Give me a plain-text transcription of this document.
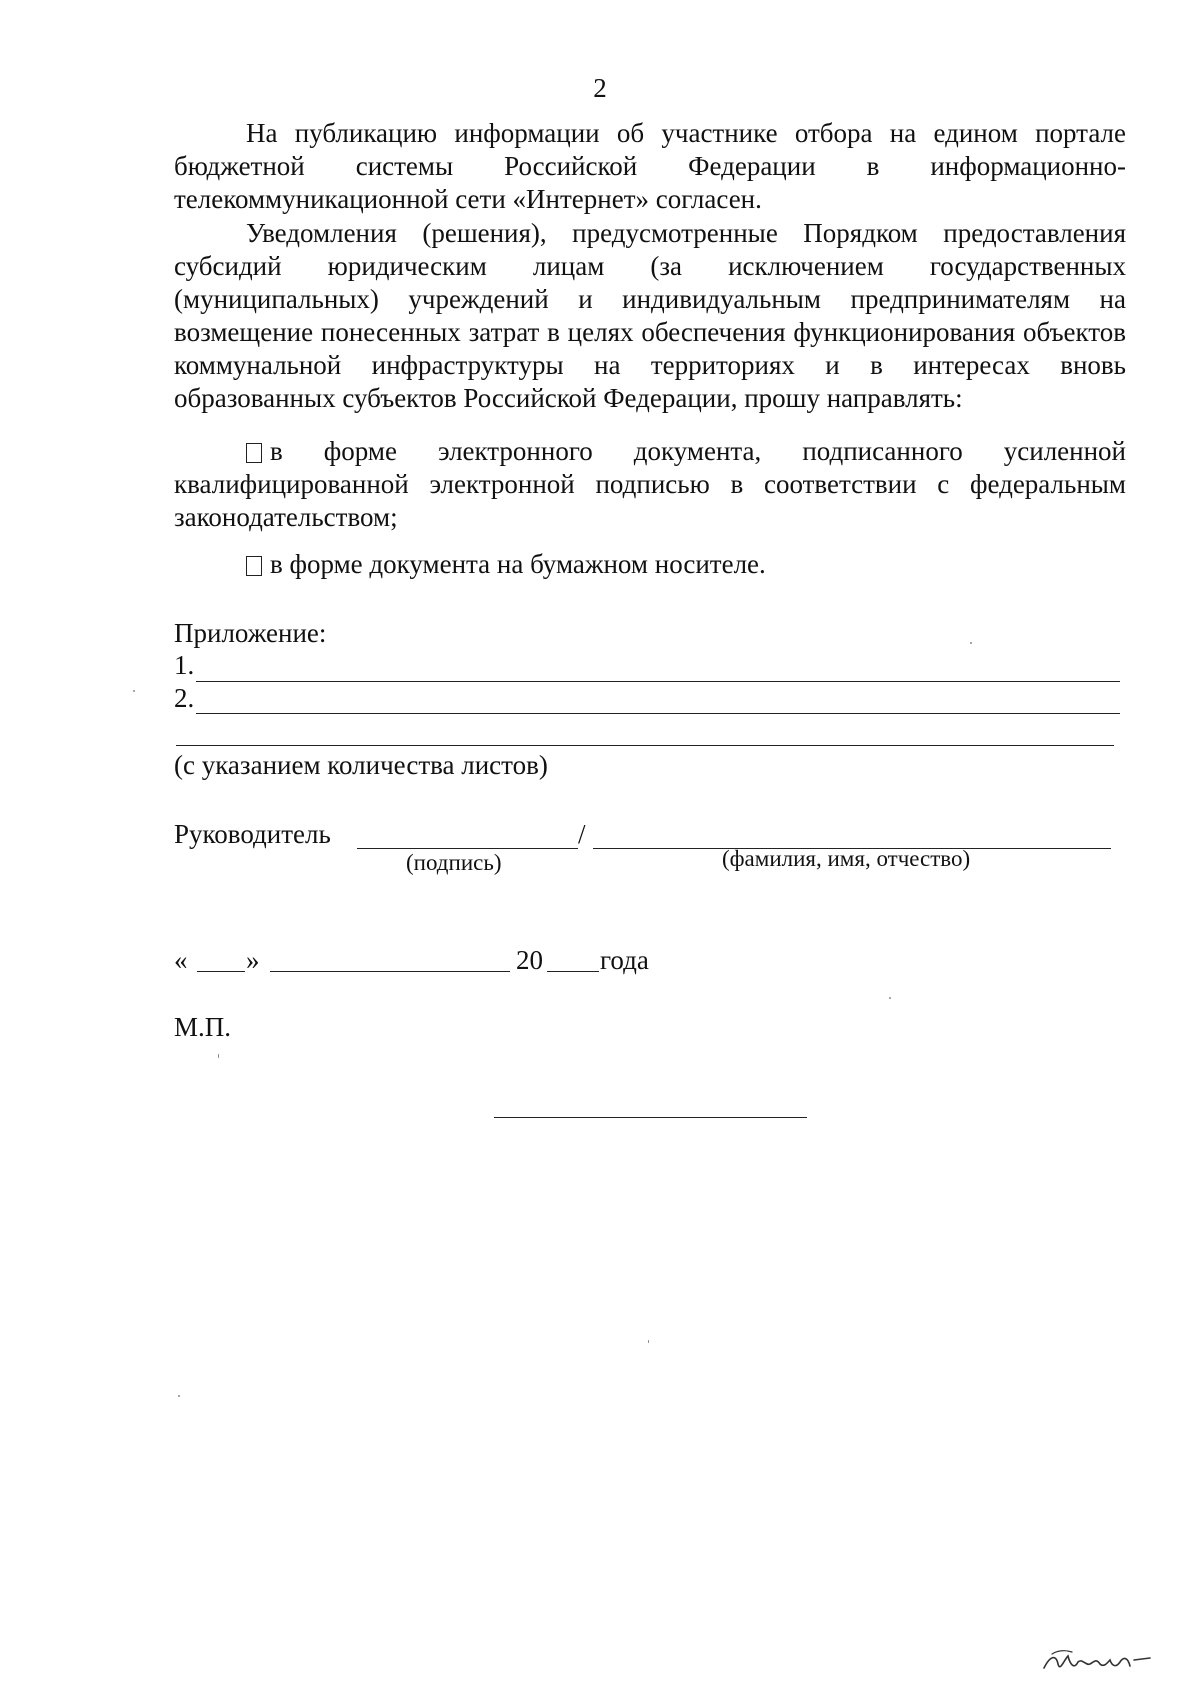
2

На публикацию информации об участнике отбора на едином портале бюджетной системы Российской Федерации в информационно-телекоммуникационной сети «Интернет» согласен.

Уведомления (решения), предусмотренные Порядком предоставления субсидий юридическим лицам (за исключением государственных (муниципальных) учреждений и индивидуальным предпринимателям на возмещение понесенных затрат в целях обеспечения функционирования объектов коммунальной инфраструктуры на территориях и в интересах вновь образованных субъектов Российской Федерации, прошу направлять:

в форме электронного документа, подписанного усиленной квалифицированной электронной подписью в соответствии с федеральным законодательством;

в форме документа на бумажном носителе.

Приложение:
1.
2.
(с указанием количества листов)
Руководитель	/
(подпись)	(фамилия, имя, отчество)
« »	20 года
М.П.
